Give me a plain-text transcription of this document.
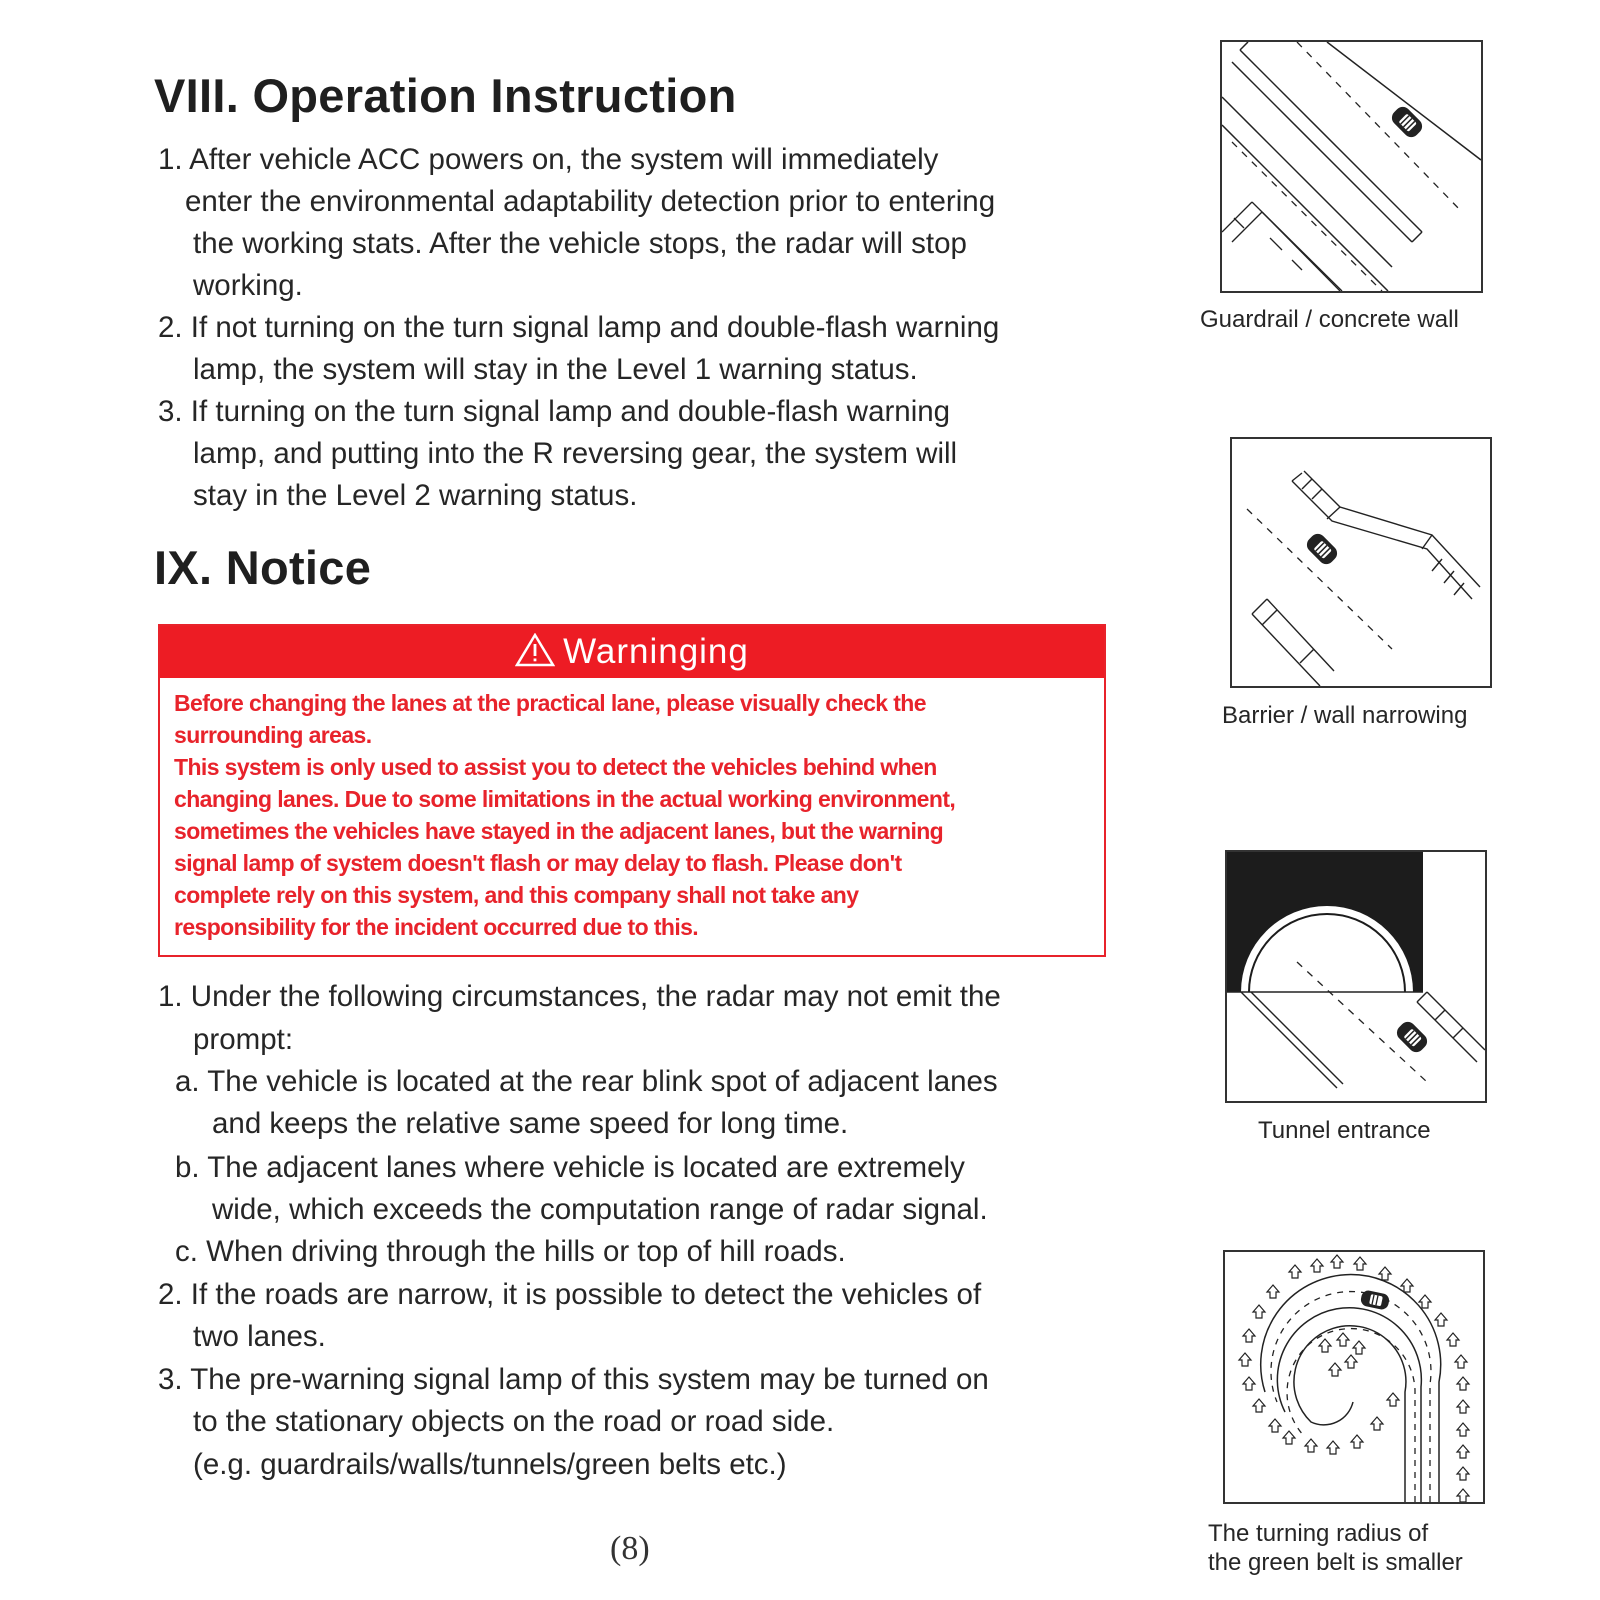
VIII. Operation Instruction

1. After vehicle ACC powers on, the system will immediately

enter the environmental adaptability detection prior to entering

the working stats. After the vehicle stops, the radar will stop

working.

2. If not turning on the turn signal lamp and double-flash warning

lamp, the system will stay in the Level 1 warning status.

3. If turning on the turn signal lamp and double-flash warning

lamp, and putting into the R reversing gear, the system will

stay in the Level 2 warning status.

IX. Notice
Warninging

Before changing the lanes at the practical lane, please visually check the

surrounding areas.

This system is only used to assist you to detect the vehicles behind when

changing lanes. Due to some limitations in the actual working environment,

sometimes the vehicles have stayed in the adjacent lanes, but the warning

signal lamp of system doesn't flash or may delay to flash. Please don't

complete rely on this system, and this company shall not take any

responsibility for the incident occurred due to this.

1. Under the following circumstances, the radar may not emit the

prompt:

a. The vehicle is located at the rear blink spot of adjacent lanes

and keeps the relative same speed for long time.

b. The adjacent lanes where vehicle is located are extremely

wide, which exceeds the computation range of radar signal.

c. When driving through the hills or top of hill roads.

2. If the roads are narrow, it is possible to detect the vehicles of

two lanes.

3. The pre-warning signal lamp of this system may be turned on

to the stationary objects on the road or road side.

(e.g. guardrails/walls/tunnels/green belts etc.)

Guardrail / concrete wall

Barrier / wall narrowing

Tunnel entrance

The turning radius of

the green belt is smaller

(8)
